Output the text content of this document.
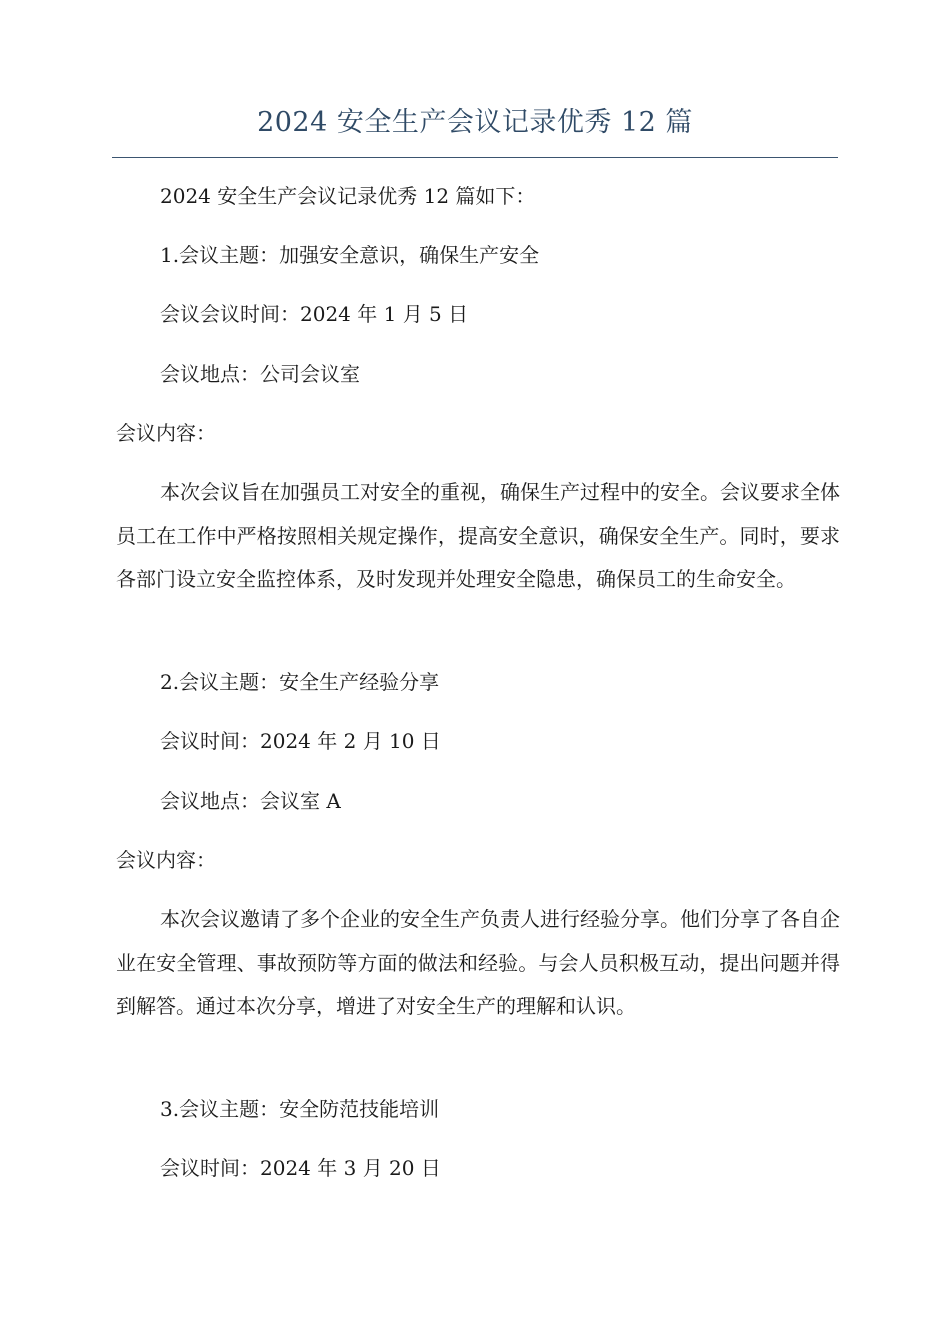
2024 安全生产会议记录优秀 12 篇
2024 安全生产会议记录优秀 12 篇如下：
1.会议主题：加强安全意识，确保生产安全
会议会议时间：2024 年 1 月 5 日
会议地点：公司会议室
会议内容：
本次会议旨在加强员工对安全的重视，确保生产过程中的安全。会议要求全体员工在工作中严格按照相关规定操作，提高安全意识，确保安全生产。同时，要求各部门设立安全监控体系，及时发现并处理安全隐患，确保员工的生命安全。
2.会议主题：安全生产经验分享
会议时间：2024 年 2 月 10 日
会议地点：会议室 A
会议内容：
本次会议邀请了多个企业的安全生产负责人进行经验分享。他们分享了各自企业在安全管理、事故预防等方面的做法和经验。与会人员积极互动，提出问题并得到解答。通过本次分享，增进了对安全生产的理解和认识。
3.会议主题：安全防范技能培训
会议时间：2024 年 3 月 20 日
